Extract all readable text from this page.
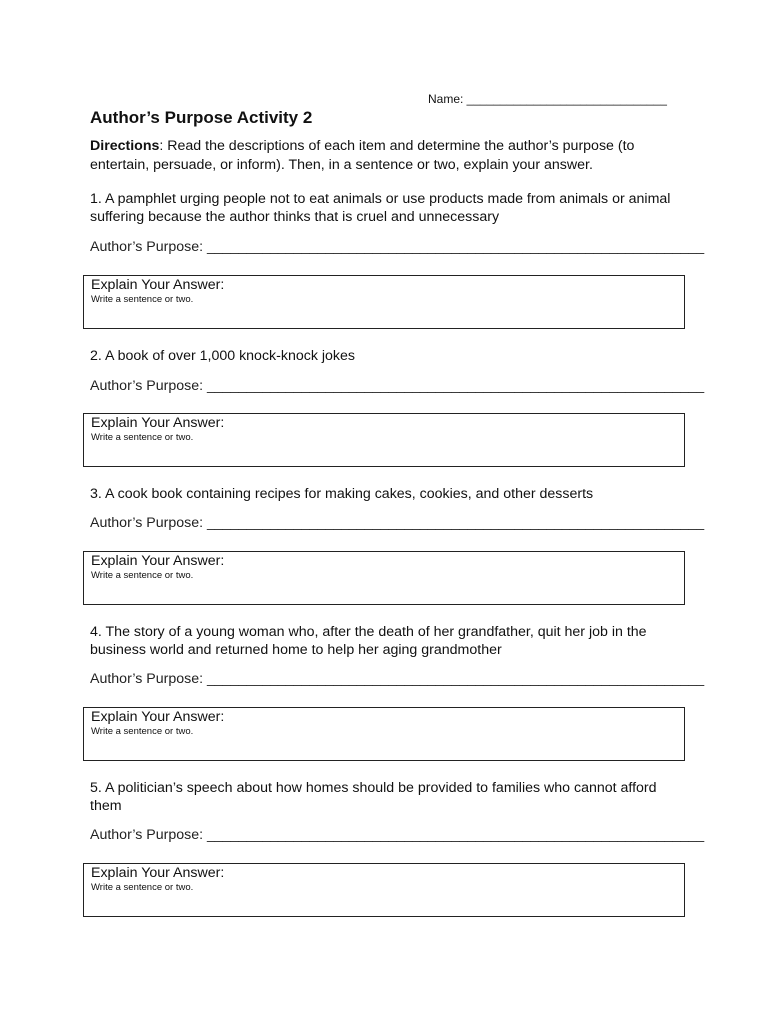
Name: ______________________________
Author’s Purpose Activity 2
Directions: Read the descriptions of each item and determine the author’s purpose (to entertain, persuade, or inform). Then, in a sentence or two, explain your answer.
1. A pamphlet urging people not to eat animals or use products made from animals or animal suffering because the author thinks that is cruel and unnecessary
Author’s Purpose: _______________________________________________________________
Explain Your Answer:
Write a sentence or two.
2. A book of over 1,000 knock-knock jokes
Author’s Purpose: _______________________________________________________________
Explain Your Answer:
Write a sentence or two.
3. A cook book containing recipes for making cakes, cookies, and other desserts
Author’s Purpose: _______________________________________________________________
Explain Your Answer:
Write a sentence or two.
4. The story of a young woman who, after the death of her grandfather, quit her job in the business world and returned home to help her aging grandmother
Author’s Purpose: _______________________________________________________________
Explain Your Answer:
Write a sentence or two.
5. A politician’s speech about how homes should be provided to families who cannot afford them
Author’s Purpose: _______________________________________________________________
Explain Your Answer:
Write a sentence or two.
